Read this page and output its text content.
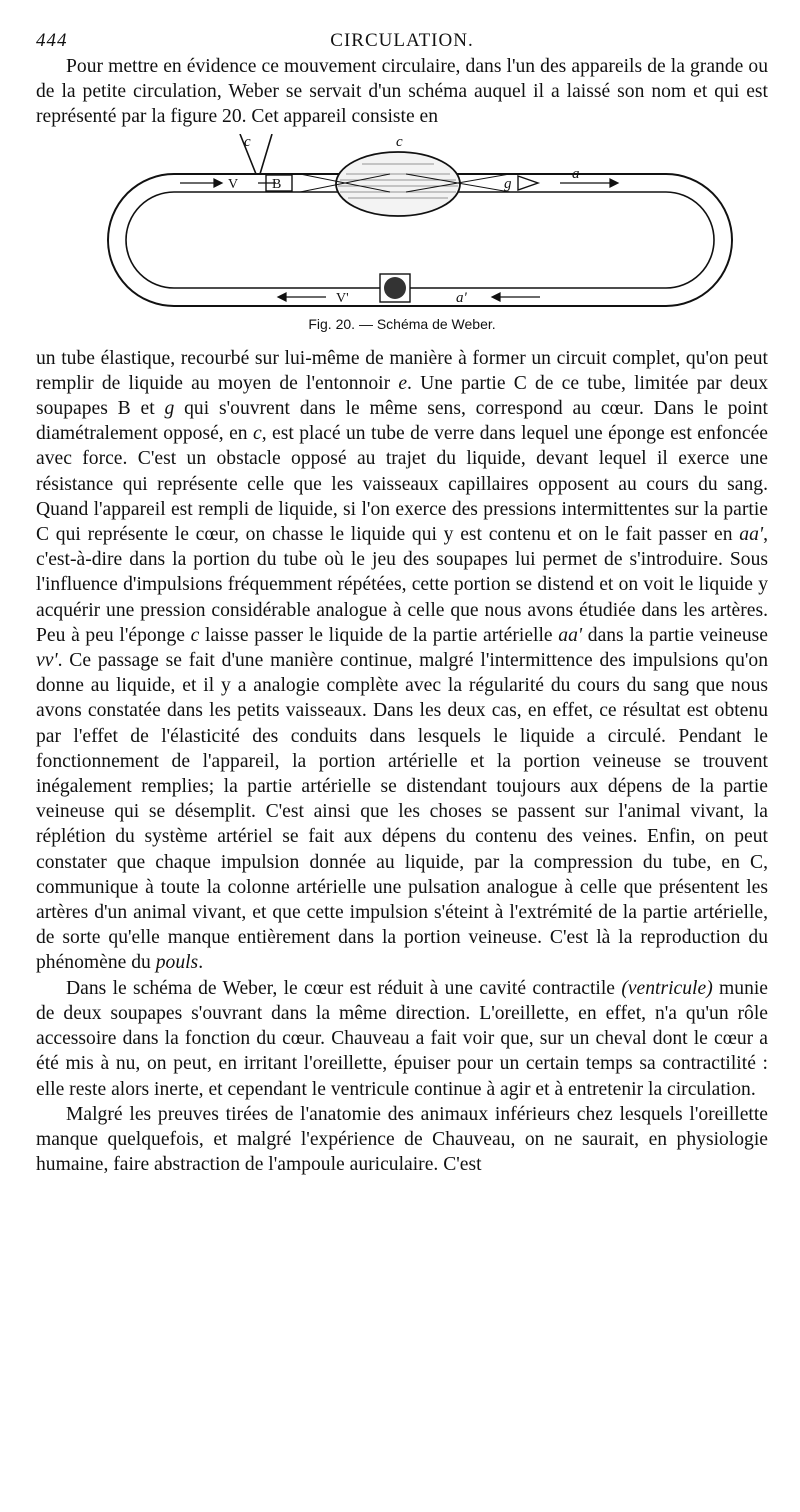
444	CIRCULATION.

Pour mettre en évidence ce mouvement circulaire, dans l'un des appareils de la grande ou de la petite circulation, Weber se servait d'un schéma auquel il a laissé son nom et qui est représenté par la figure 20. Cet appareil consiste en

c	c
V B	g
a
V'	a'
Fig. 20. — Schéma de Weber.

un tube élastique, recourbé sur lui-même de manière à former un circuit complet, qu'on peut remplir de liquide au moyen de l'entonnoir e. Une partie C de ce tube, limitée par deux soupapes B et g qui s'ouvrent dans le même sens, correspond au cœur. Dans le point diamétralement opposé, en c, est placé un tube de verre dans lequel une éponge est enfoncée avec force. C'est un obstacle opposé au trajet du liquide, devant lequel il exerce une résistance qui représente celle que les vaisseaux capillaires opposent au cours du sang. Quand l'appareil est rempli de liquide, si l'on exerce des pressions intermittentes sur la partie C qui représente le cœur, on chasse le liquide qui y est contenu et on le fait passer en aa', c'est-à-dire dans la portion du tube où le jeu des soupapes lui permet de s'introduire. Sous l'influence d'impulsions fréquemment répétées, cette portion se distend et on voit le liquide y acquérir une pression considérable analogue à celle que nous avons étudiée dans les artères. Peu à peu l'éponge c laisse passer le liquide de la partie artérielle aa' dans la partie veineuse vv'. Ce passage se fait d'une manière continue, malgré l'intermittence des impulsions qu'on donne au liquide, et il y a analogie complète avec la régularité du cours du sang que nous avons constatée dans les petits vaisseaux. Dans les deux cas, en effet, ce résultat est obtenu par l'effet de l'élasticité des conduits dans lesquels le liquide a circulé. Pendant le fonctionnement de l'appareil, la portion artérielle et la portion veineuse se trouvent inégalement remplies; la partie artérielle se distendant toujours aux dépens de la partie veineuse qui se désemplit. C'est ainsi que les choses se passent sur l'animal vivant, la réplétion du système artériel se fait aux dépens du contenu des veines. Enfin, on peut constater que chaque impulsion donnée au liquide, par la compression du tube, en C, communique à toute la colonne artérielle une pulsation analogue à celle que présentent les artères d'un animal vivant, et que cette impulsion s'éteint à l'extrémité de la partie artérielle, de sorte qu'elle manque entièrement dans la portion veineuse. C'est là la reproduction du phénomène du pouls.

Dans le schéma de Weber, le cœur est réduit à une cavité contractile (ventricule) munie de deux soupapes s'ouvrant dans la même direction. L'oreillette, en effet, n'a qu'un rôle accessoire dans la fonction du cœur. Chauveau a fait voir que, sur un cheval dont le cœur a été mis à nu, on peut, en irritant l'oreillette, épuiser pour un certain temps sa contractilité : elle reste alors inerte, et cependant le ventricule continue à agir et à entretenir la circulation.

Malgré les preuves tirées de l'anatomie des animaux inférieurs chez lesquels l'oreillette manque quelquefois, et malgré l'expérience de Chauveau, on ne saurait, en physiologie humaine, faire abstraction de l'ampoule auriculaire. C'est
